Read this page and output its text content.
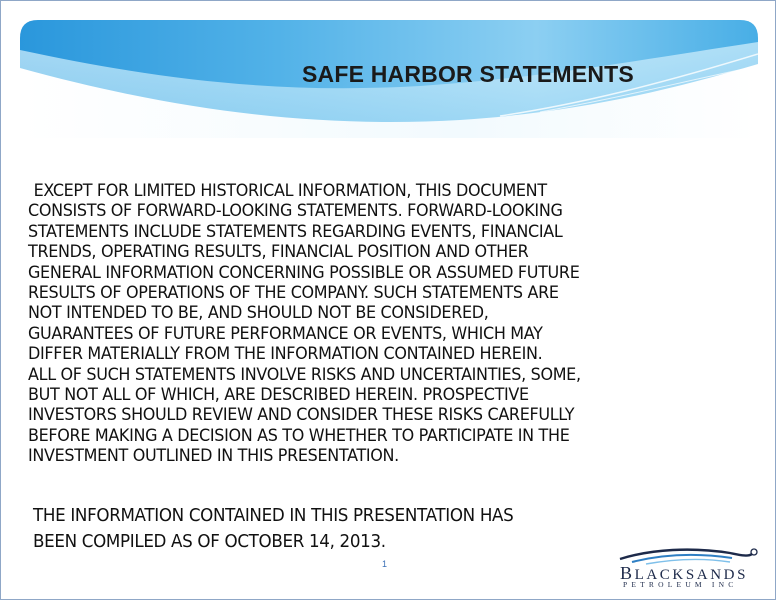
SAFE HARBOR STATEMENTS
EXCEPT FOR LIMITED HISTORICAL INFORMATION, THIS DOCUMENT
CONSISTS OF FORWARD-LOOKING STATEMENTS. FORWARD-LOOKING
STATEMENTS INCLUDE STATEMENTS REGARDING EVENTS, FINANCIAL
TRENDS, OPERATING RESULTS, FINANCIAL POSITION AND OTHER
GENERAL INFORMATION CONCERNING POSSIBLE OR ASSUMED FUTURE
RESULTS OF OPERATIONS OF THE COMPANY. SUCH STATEMENTS ARE
NOT INTENDED TO BE, AND SHOULD NOT BE CONSIDERED,
GUARANTEES OF FUTURE PERFORMANCE OR EVENTS, WHICH MAY
DIFFER MATERIALLY FROM THE INFORMATION CONTAINED HEREIN.
ALL OF SUCH STATEMENTS INVOLVE RISKS AND UNCERTAINTIES, SOME,
BUT NOT ALL OF WHICH, ARE DESCRIBED HEREIN. PROSPECTIVE
INVESTORS SHOULD REVIEW AND CONSIDER THESE RISKS CAREFULLY
BEFORE MAKING A DECISION AS TO WHETHER TO PARTICIPATE IN THE
INVESTMENT OUTLINED IN THIS PRESENTATION.
THE INFORMATION CONTAINED IN THIS PRESENTATION HAS
BEEN COMPILED AS OF OCTOBER 14, 2013.
1	BLACKSANDS
PETROLEUM INC
